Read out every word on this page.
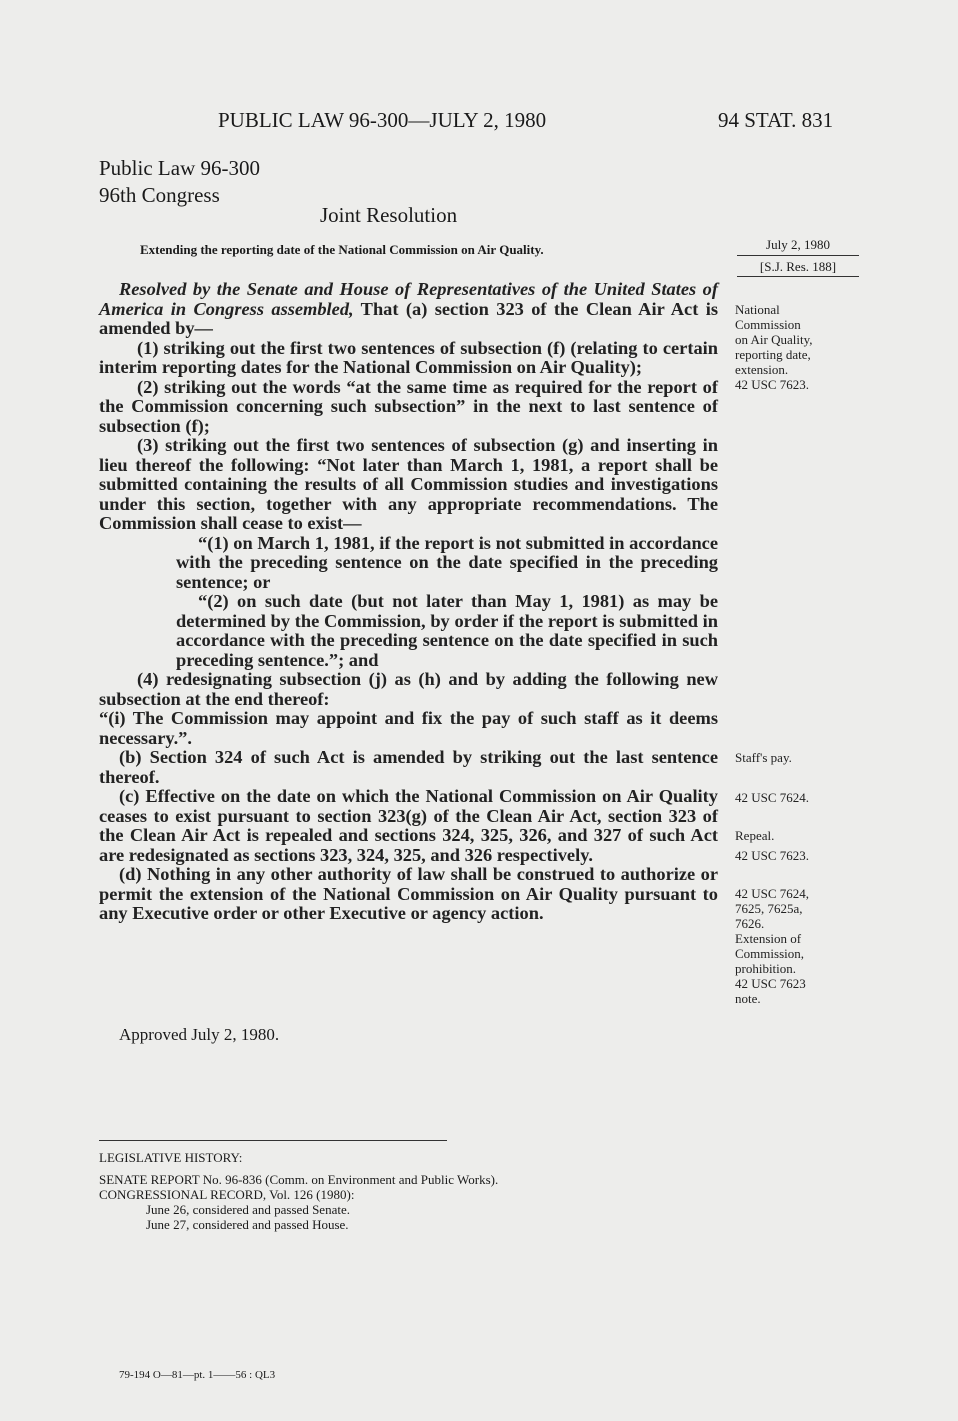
PUBLIC LAW 96-300—JULY 2, 1980	94 STAT. 831
Public Law 96-300
96th Congress
Joint Resolution
Extending the reporting date of the National Commission on Air Quality.	July 2, 1980
[S.J. Res. 188]

Resolved by the Senate and House of Representatives of the United States of America in Congress assembled, That (a) section 323 of the Clean Air Act is amended by—

(1) striking out the first two sentences of subsection (f) (relating to certain interim reporting dates for the National Commission on Air Quality);

(2) striking out the words “at the same time as required for the report of the Commission concerning such subsection” in the next to last sentence of subsection (f);

(3) striking out the first two sentences of subsection (g) and inserting in lieu thereof the following: “Not later than March 1, 1981, a report shall be submitted containing the results of all Commission studies and investigations under this section, together with any appropriate recommendations. The Commission shall cease to exist—

“(1) on March 1, 1981, if the report is not submitted in accordance with the preceding sentence on the date specified in the preceding sentence; or

“(2) on such date (but not later than May 1, 1981) as may be determined by the Commission, by order if the report is submitted in accordance with the preceding sentence on the date specified in such preceding sentence.”; and

(4) redesignating subsection (j) as (h) and by adding the following new subsection at the end thereof:

“(i) The Commission may appoint and fix the pay of such staff as it deems necessary.”.

(b) Section 324 of such Act is amended by striking out the last sentence thereof.

(c) Effective on the date on which the National Commission on Air Quality ceases to exist pursuant to section 323(g) of the Clean Air Act, section 323 of the Clean Air Act is repealed and sections 324, 325, 326, and 327 of such Act are redesignated as sections 323, 324, 325, and 326 respectively.

(d) Nothing in any other authority of law shall be construed to authorize or permit the extension of the National Commission on Air Quality pursuant to any Executive order or other Executive or agency action.

National
Commission
on Air Quality,
reporting date,
extension.
42 USC 7623.
Staff's pay.
42 USC 7624.
Repeal.
42 USC 7623.
42 USC 7624,
7625, 7625a,
7626.
Extension of
Commission,
prohibition.
42 USC 7623
note.
Approved July 2, 1980.
LEGISLATIVE HISTORY:
SENATE REPORT No. 96-836 (Comm. on Environment and Public Works).
CONGRESSIONAL RECORD, Vol. 126 (1980):
June 26, considered and passed Senate.
June 27, considered and passed House.
79-194 O—81—pt. 1——56 : QL3
